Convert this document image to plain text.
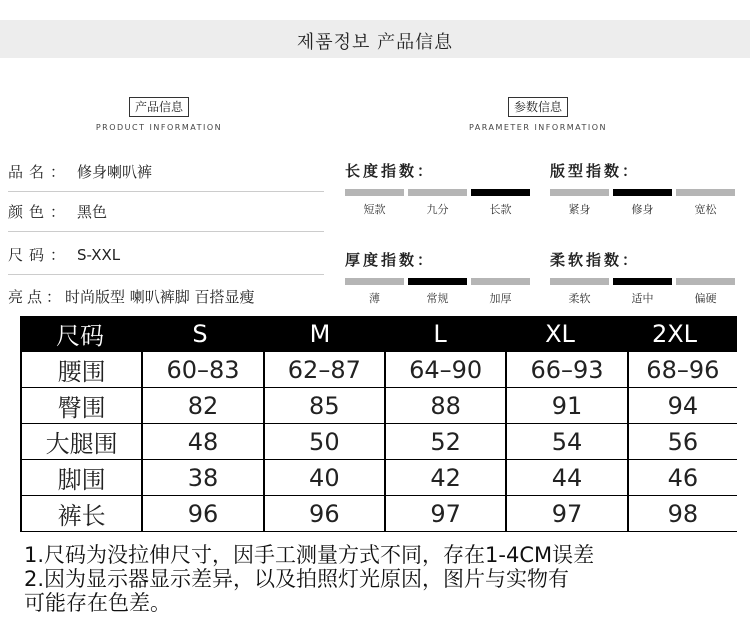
제품정보 产品信息
产品信息
PRODUCT INFORMATION
参数信息
PARAMETER INFORMATION
品名： 修身喇叭裤
颜色： 黑色
尺码： S-XXL
亮点： 时尚版型 喇叭裤脚 百搭显瘦
长度指数：
短款	九分	长款
版型指数：
紧身	修身	宽松
厚度指数：
薄	常规	加厚
柔软指数：
柔软	适中	偏硬
尺码	S	M	L	XL	2XL
腰围	60–83	62–87	64–90	66–93	68–96
臀围	82	85	88	91	94
大腿围	48	50	52	54	56
脚围	38	40	42	44	46
裤长	96	96	97	97	98
1.尺码为没拉伸尺寸，因手工测量方式不同，存在1-4CM误差
2.因为显示器显示差异，以及拍照灯光原因，图片与实物有
可能存在色差。
